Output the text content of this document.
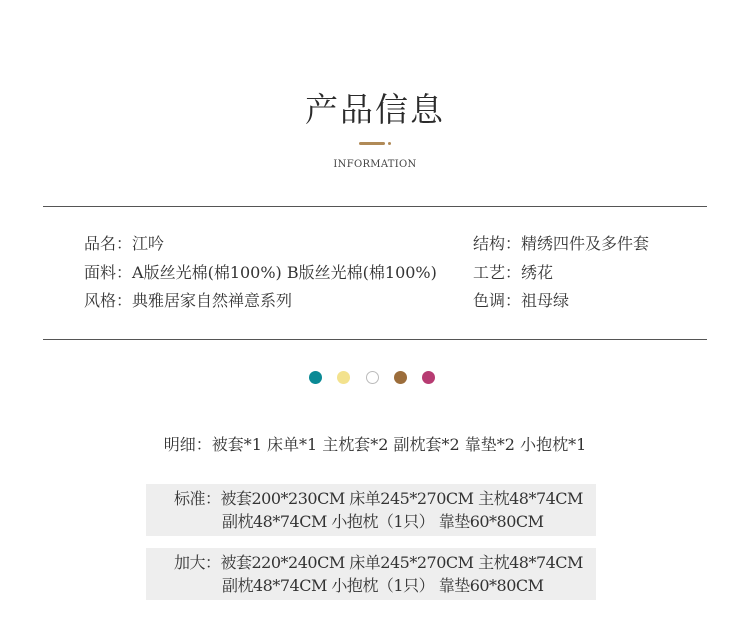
产品信息
INFORMATION
品名：江吟
面料：A版丝光棉(棉100%) B版丝光棉(棉100%)
风格：典雅居家自然禅意系列
结构：精绣四件及多件套
工艺：绣花
色调：祖母绿
明细：被套*1 床单*1 主枕套*2 副枕套*2 靠垫*2 小抱枕*1
标准：被套200*230CM 床单245*270CM 主枕48*74CM
副枕48*74CM 小抱枕（1只） 靠垫60*80CM
加大：被套220*240CM 床单245*270CM 主枕48*74CM
副枕48*74CM 小抱枕（1只） 靠垫60*80CM
